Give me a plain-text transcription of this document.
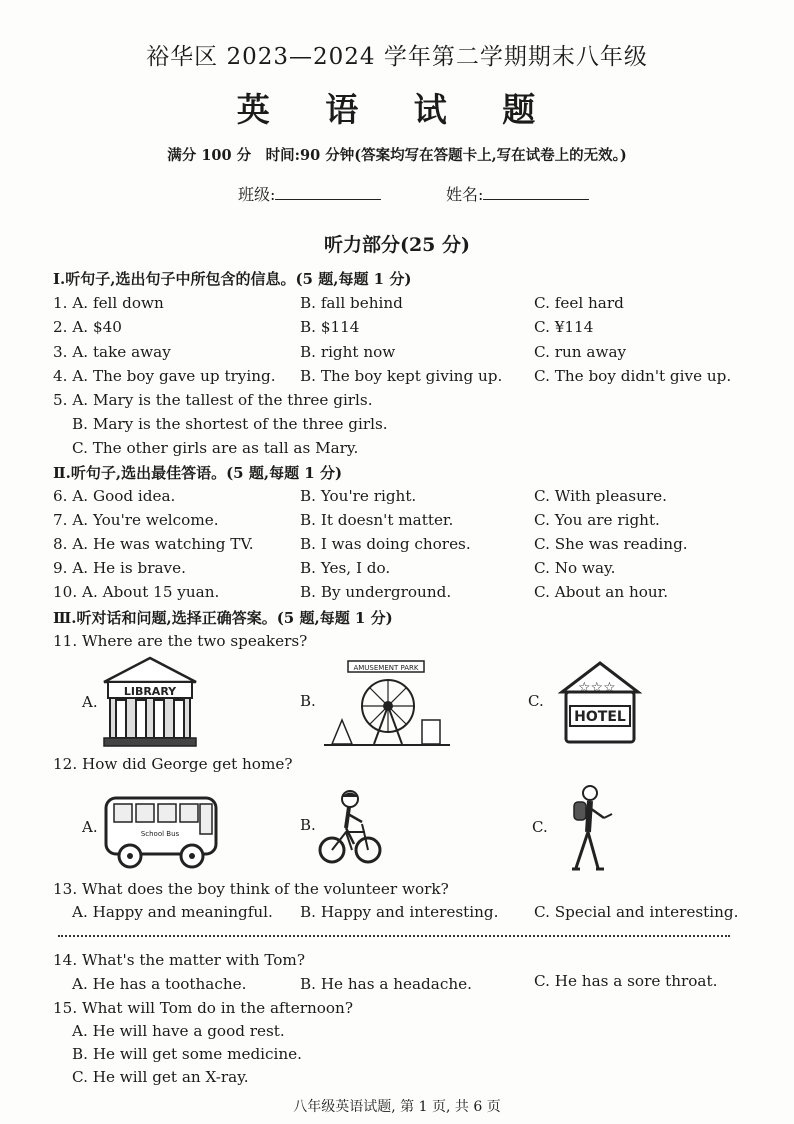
裕华区 2023—2024 学年第二学期期末八年级
英 语 试 题
满分 100 分　时间:90 分钟(答案均写在答题卡上,写在试卷上的无效。)
班级:	姓名:
听力部分(25 分)
Ⅰ.听句子,选出句子中所包含的信息。(5 题,每题 1 分)
1. A. fell down	B. fall behind	C. feel hard
2. A. $40	B. $114	C. ¥114
3. A. take away	B. right now	C. run away
4. A. The boy gave up trying. B. The boy kept giving up. C. The boy didn't give up.
5. A. Mary is the tallest of the three girls.
B. Mary is the shortest of the three girls.
C. The other girls are as tall as Mary.
Ⅱ.听句子,选出最佳答语。(5 题,每题 1 分)
6. A. Good idea.	B. You're right.	C. With pleasure.
7. A. You're welcome.	B. It doesn't matter.	C. You are right.
8. A. He was watching TV.	B. I was doing chores.	C. She was reading.
9. A. He is brave.	B. Yes, I do.	C. No way.
10. A. About 15 yuan.	B. By underground.	C. About an hour.
Ⅲ.听对话和问题,选择正确答案。(5 题,每题 1 分)
11. Where are the two speakers?
A.
LIBRARY
B.
AMUSEMENT PARK
C.
☆☆☆
HOTEL
12. How did George get home?
A.	School Bus	B.	C.
13. What does the boy think of the volunteer work?
A. Happy and meaningful. B. Happy and interesting. C. Special and interesting.
14. What's the matter with Tom?
A. He has a toothache.	B. He has a headache.	C. He has a sore throat.
15. What will Tom do in the afternoon?
A. He will have a good rest.
B. He will get some medicine.
C. He will get an X-ray.
八年级英语试题, 第 1 页, 共 6 页
